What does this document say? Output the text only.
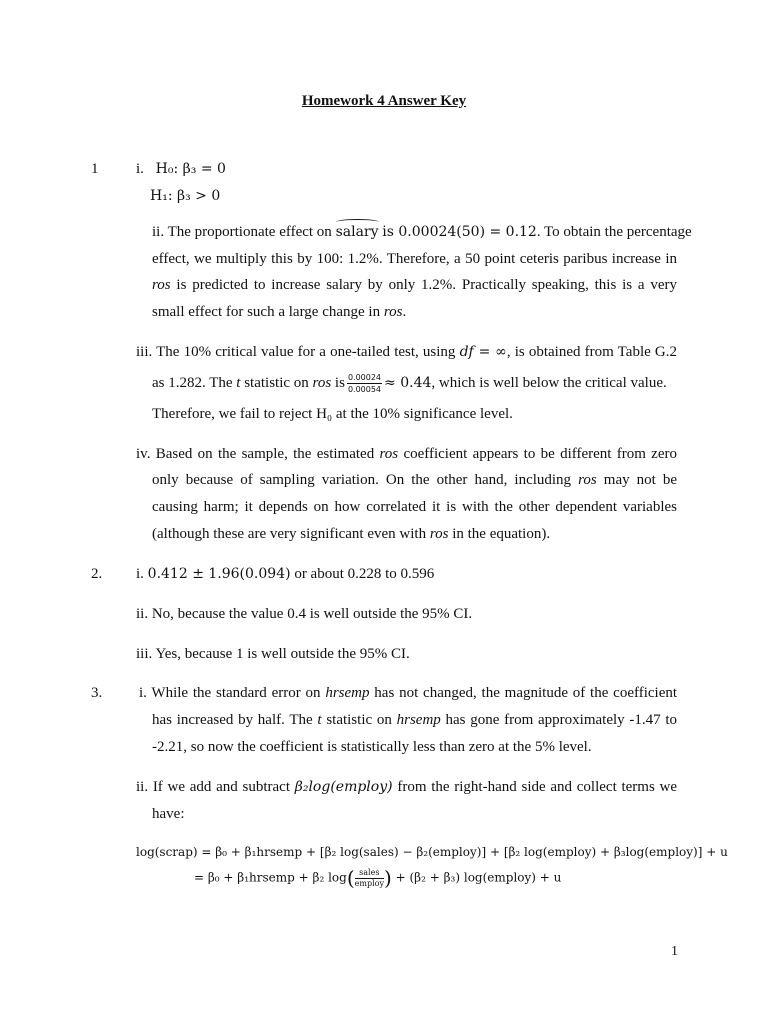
Homework 4 Answer Key
1	i. H₀: β₃ = 0
H₁: β₃ > 0
ii. The proportionate effect on salary is 0.00024(50) = 0.12. To obtain the percentage
effect, we multiply this by 100: 1.2%. Therefore, a 50 point ceteris paribus increase in
ros is predicted to increase salary by only 1.2%. Practically speaking, this is a very
small effect for such a large change in ros.
iii. The 10% critical value for a one-tailed test, using df = ∞, is obtained from Table G.2
as 1.282. The t statistic on ros is $\frac{0.00024}{0.00054} \approx 0.44$, which is well below the critical value.
Therefore, we fail to reject H₀ at the 10% significance level.
iv. Based on the sample, the estimated ros coefficient appears to be different from zero
only because of sampling variation. On the other hand, including ros may not be
causing harm; it depends on how correlated it is with the other dependent variables
(although these are very significant even with ros in the equation).
2. i. 0.412 ± 1.96(0.094) or about 0.228 to 0.596
ii. No, because the value 0.4 is well outside the 95% CI.
iii. Yes, because 1 is well outside the 95% CI.
3. i. While the standard error on hrsemp has not changed, the magnitude of the coefficient
has increased by half. The t statistic on hrsemp has gone from approximately -1.47 to
-2.21, so now the coefficient is statistically less than zero at the 5% level.
ii. If we add and subtract β₂log(employ) from the right-hand side and collect terms we
have:
log(scrap) = β₀ + β₁hrsemp + [β₂ log(sales) − β₂(employ)] + [β₂ log(employ) + β₃log(employ)] + u
= β₀ + β₁hrsemp + β₂ log( sales
employ) + (β₂ + β₃) log(employ) + u
1
